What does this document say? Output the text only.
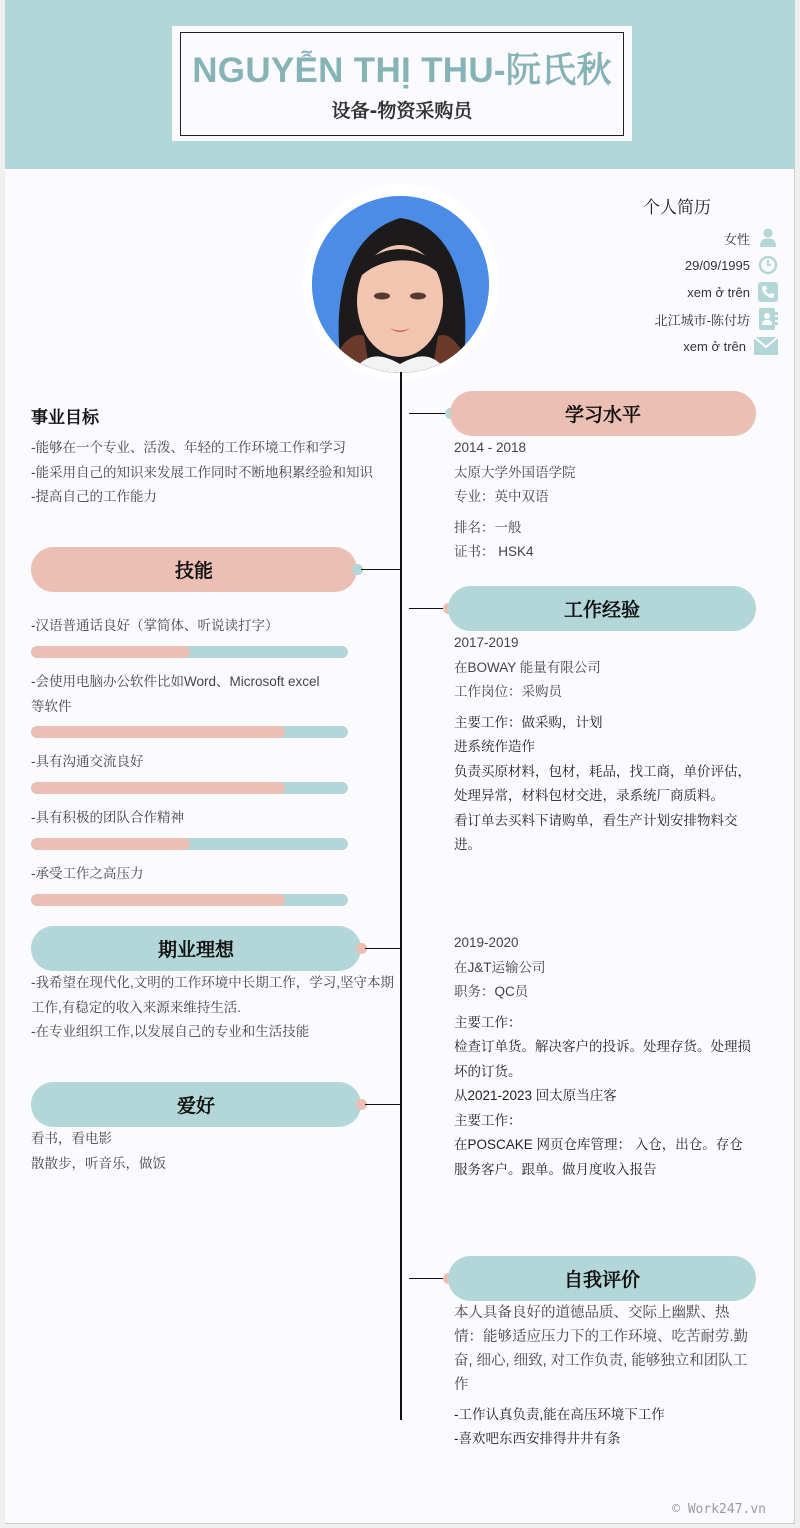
NGUYỄN THỊ THU-阮氏秋
设备-物资采购员
个人简历
女性
29/09/1995
xem ở trên
北江城市-陈付坊
xem ở trên
事业目标
-能够在一个专业、活泼、年轻的工作环境工作和学习
-能采用自己的知识来发展工作同时不断地积累经验和知识
-提高自己的工作能力
技能
-汉语普通话良好（掌简体、听说读打字）
-会使用电脑办公软件比如Word、Microsoft excel等软件
-具有沟通交流良好
-具有积极的团队合作精神
-承受工作之高压力
期业理想
-我希望在现代化,文明的工作环境中长期工作，学习,坚守本期工作,有稳定的收入来源来维持生活.
-在专业组织工作,以发展自己的专业和生活技能
爱好
看书，看电影
散散步，听音乐，做饭
学习水平
2014 - 2018
太原大学外国语学院
专业：英中双语
排名：一般
证书： HSK4
工作经验
2017-2019
在BOWAY 能量有限公司
工作岗位：采购员
主要工作：做采购，计划
进系统作造作
负责买原材料，包材，耗品，找工商，单价评估，处理异常，材料包材交进，录系统厂商质料。
看订单去买料下请购单，看生产计划安排物料交进。
2019-2020
在J&T运输公司
职务：QC员
主要工作：
检查订单货。解决客户的投诉。处理存货。处理损坏的订货。
从2021-2023 回太原当庄客
主要工作：
在POSCAKE 网页仓库管理： 入仓，出仓。存仓服务客户。跟单。做月度收入报告
自我评价
本人具备良好的道德品质、交际上幽默、热情：能够适应压力下的工作环境、吃苦耐劳.勤奋, 细心, 细致, 对工作负责, 能够独立和团队工作
-工作认真负责,能在高压环境下工作
-喜欢吧东西安排得井井有条
© Work247.vn
